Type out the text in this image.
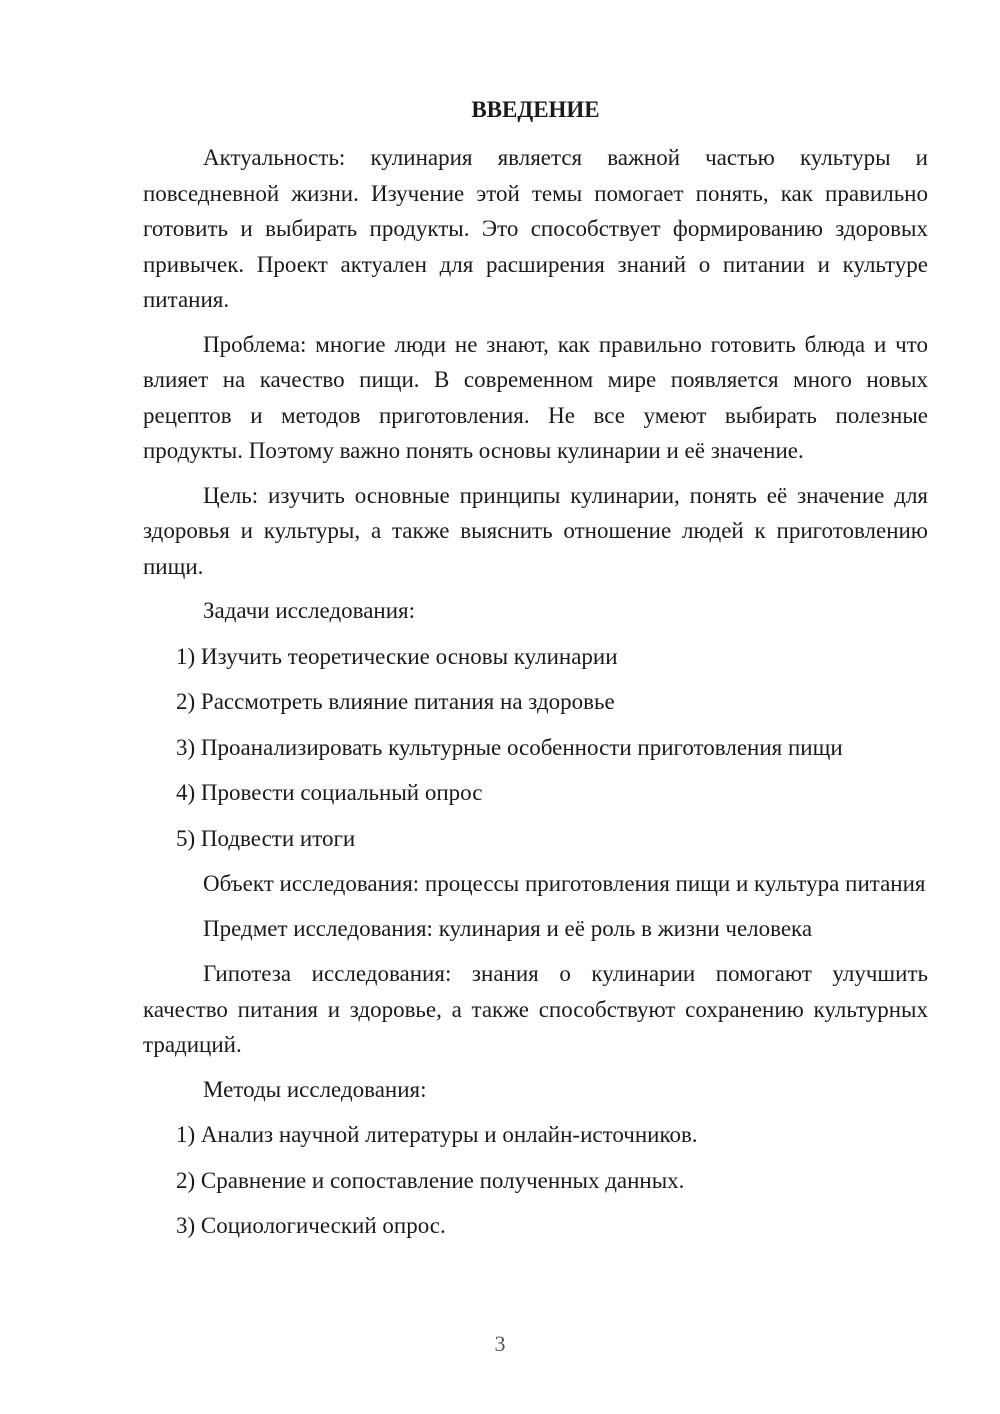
ВВЕДЕНИЕ

Актуальность: кулинария является важной частью культуры и повседневной жизни. Изучение этой темы помогает понять, как правильно готовить и выбирать продукты. Это способствует формированию здоровых привычек. Проект актуален для расширения знаний о питании и культуре питания.

Проблема: многие люди не знают, как правильно готовить блюда и что влияет на качество пищи. В современном мире появляется много новых рецептов и методов приготовления. Не все умеют выбирать полезные продукты. Поэтому важно понять основы кулинарии и её значение.

Цель: изучить основные принципы кулинарии, понять её значение для здоровья и культуры, а также выяснить отношение людей к приготовлению пищи.

Задачи исследования:

1) Изучить теоретические основы кулинарии
2) Рассмотреть влияние питания на здоровье
3) Проанализировать культурные особенности приготовления пищи
4) Провести социальный опрос
5) Подвести итоги

Объект исследования: процессы приготовления пищи и культура питания

Предмет исследования: кулинария и её роль в жизни человека

Гипотеза исследования: знания о кулинарии помогают улучшить качество питания и здоровье, а также способствуют сохранению культурных традиций.

Методы исследования:

1) Анализ научной литературы и онлайн-источников.
2) Сравнение и сопоставление полученных данных.
3) Социологический опрос.
3
